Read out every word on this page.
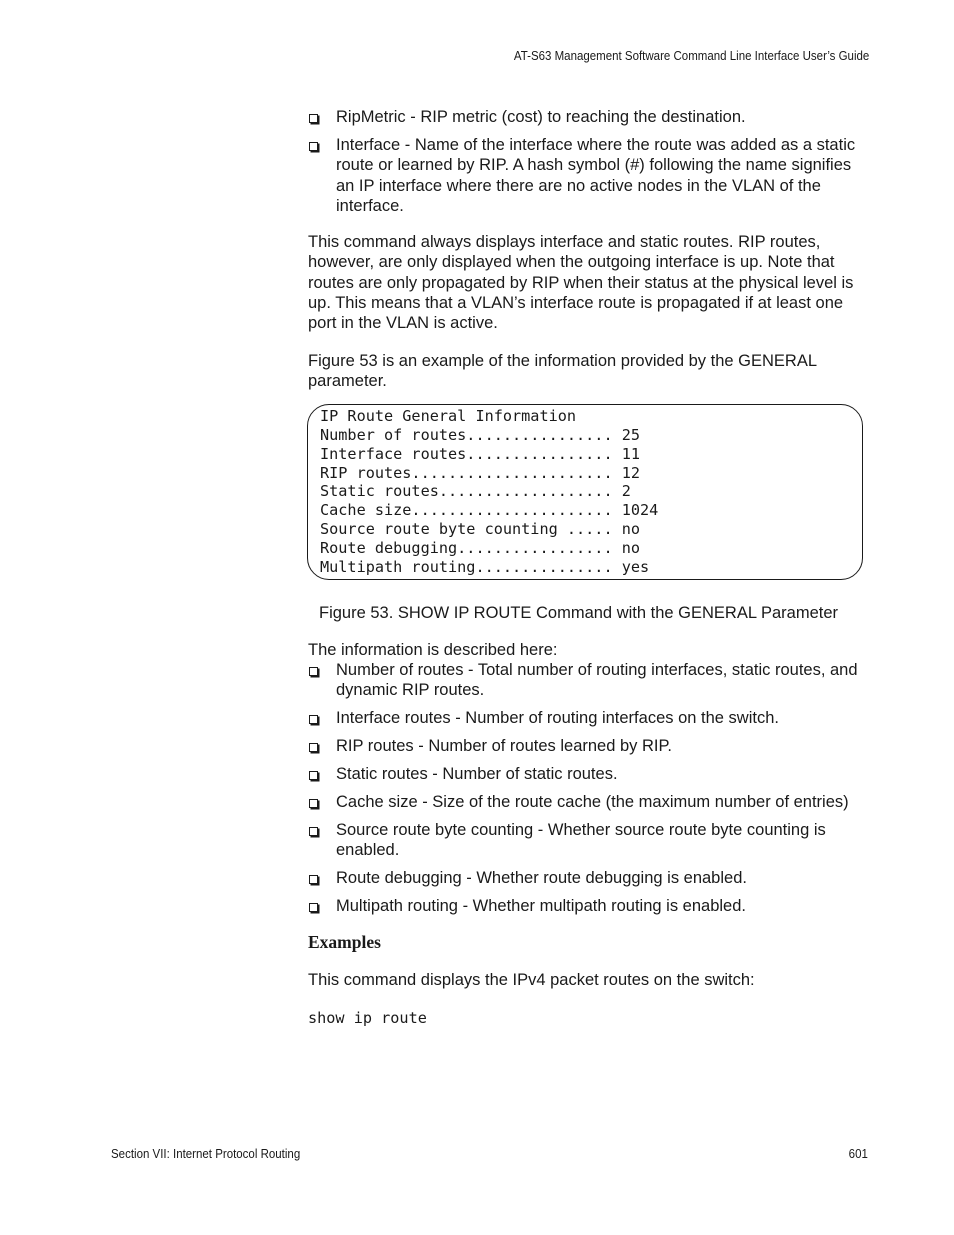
AT-S63 Management Software Command Line Interface User’s Guide
RipMetric - RIP metric (cost) to reaching the destination.
Interface - Name of the interface where the route was added as a static route or learned by RIP. A hash symbol (#) following the name signifies an IP interface where there are no active nodes in the VLAN of the interface.

This command always displays interface and static routes. RIP routes, however, are only displayed when the outgoing interface is up. Note that routes are only propagated by RIP when their status at the physical level is up. This means that a VLAN’s interface route is propagated if at least one port in the VLAN is active.

Figure 53 is an example of the information provided by the GENERAL parameter.

IP Route General Information
Number of routes................ 25
Interface routes................ 11
RIP routes...................... 12
Static routes................... 2
Cache size...................... 1024
Source route byte counting ..... no
Route debugging................. no
Multipath routing............... yes

Figure 53. SHOW IP ROUTE Command with the GENERAL Parameter

The information is described here:

Number of routes - Total number of routing interfaces, static routes, and dynamic RIP routes.
Interface routes - Number of routing interfaces on the switch.
RIP routes - Number of routes learned by RIP.
Static routes - Number of static routes.
Cache size - Size of the route cache (the maximum number of entries)
Source route byte counting - Whether source route byte counting is enabled.
Route debugging - Whether route debugging is enabled.
Multipath routing - Whether multipath routing is enabled.

Examples

This command displays the IPv4 packet routes on the switch:

show ip route

Section VII: Internet Protocol Routing	601
